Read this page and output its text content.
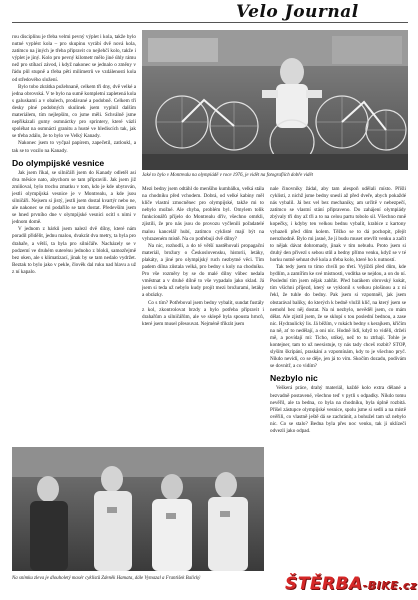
Velo Journal

rou disciplínu je třeba velmi pevný výplet i kola, takže bylo nutné vyplést kola – pro skupinu vyrábí dvě nová kola, zatímco na jiných je třeba připravit co nejlehčí kolo, takže i výplet je jiný. Kolo pro pevný kilometr mělo jiné úhly rámu než pro stíhací závod, i když nakonec se jednalo o změny v řádu půl stupně a třeba pěti milimetrů ve vzdálenosti kola od středového složení.

Bylo tobo zkrátka požehnaně, celkem tři dny, dvě velké a jedna obrovská. V te bylo na sumě kompletní zapletená kola s galuskami a v obalech, prodávané a podobně. Celkem tři desky plné podobných skulinek jsem vyplnil dalším materiálem, tím nejlepším, co jsme měli. Schválně jsme nepřikázali gumy osmnáctky pro sprintery, které vázli spoléhat na osmnácti granitu a husté ve hlediscích tak, jak se třeba zdálo, že to bylo ve Velký Kanady.

Nakonec jsem to vyčpal papírem, zapečetil, zatloukl, a tak se to vozilo na Kanady.

Do olympijské vesnice

Jak jsem říkal, se silničáři jsem do Kanady odletěl asi dva měsíce nato, abychom se tam připravili. Jak jsem již zmiňoval, bylo trochu zmatku v tom, kdo je kde ubytován, jestli olympijská vesnice je v Montrealu, a kde jsou silničáři. Nejsem si jistý, jestli jsem dostal kvartýr nebo ne, ale nakonec se mi podařilo se tam dostat. Především jsem se hned prvního dne v olympijské vesnici ocitl s nimi v jednom domě.

V jednom z hárků jsem nalezl dvě dílny, které nám poradil přidělit, jednu malou, dvakrát dva metry, ta byla pro drahaře, a větší, ta byla pro silničáře. Nacházely se v podzemí ve druhém suterénu jednoho z bloků, samozřejmě bez oken, ale s klimatizací, jinak by se tam nedalo vydržet. Beztak to bylo jako v pekle, člověk dal ruku nad hlavu a už z ní kapalo.

Jaké to bylo v Montrealu na olympiádě v roce 1976, je vidět na fotografiích dobře vidět

Mezi bedny jsem odtáhl do menšího kumbálku, velká stála na chodníku před vchodem. Dobrá, od velké kabiny měl klíče vlastní zmocněnec pro olympijské, takže mi to nebylo možné. Ale chyba, problém byl. Omylem tolik funkcionářů přijelo do Montrealu dřív, všechno omrkli, zjistili, že pro nás jsou do provozu vyčlenili pořadatelé malou kancelář hubí, zatímco cyklisté mají být na vyhrazeném místě. Na co potřebují dvě dílny?

Na nic, rozhodli, a do té větší nastěhovali propagační materiál, brožury o Československu, historii, letáky, plakáty, a jiné pro olympijský ruch nezbytné věci. Tím padem dílna zůstala velká, pro bedny s koly na chodníku. Pro vše rozměry by se do malé dílny vůbec nedala vměstnat a v druhé dílně to vše vypadalo jako sklad. Já jsem si teda už nebylo kudy projít mezi brožurami, letáky a obrázky.

Co s tím? Potřeboval jsem bedny vybalit, sundat fustály z kol, zkontrolovat brzdy a bylo potřeba připravit i drahařům a silničářům, ale ve sklepě byla spousta hrnců, které jsem musel přesouvat. Nejméně třikrát jsem

nale činovníky žádal, aby tam alespoň udělali místo. Přišli cyklisti, z nichž jsme bedny snesli až před dveře, abych pokaždé nás vybalil. Já bez vel bez mechaniky, am určitě v nebezpečí, zatímco se vlastní stání připraveno. Do zahájení olympiády zbývaly tři dny až tři a to na celou partu tobolo sil. Všechno mně kopečky, i kdyby ten velkou bednu vybalit, krabice z kartony vyhazeli před dům kolem. Těžko se to dá pochopit, přejít nerozhodně. Bylo mi jasné, že ji budu muset otevřít venku a začít to nějak dávat dohromady, jinak v tím nebudu. Proto jsem si druhý den přivezl s sebou stůl a bedny přímo venku, když se v té horku nutně sehnat dvě kola a třeba kolo, které ho k nutností.

Tak tedy jsem to tímo chvíli po třetí. Vyjíždí před dům, kde bydlím, a zamířím ke své místnosti, vodítka se nejdou, a on do ní. Poslední tím jsem nějak zahřát. Před barákem obrovský kukát, tím všichni příjezd, který se vyklonil s velkou plošinou a z ní řekl, že tuhle do bedny. Pak jsem si vzpomněl, jak jsem obstarával balíky, do kterých k bedně vložil klíč, na který jsem se nemohl bez něj dostat. Na ni nezbylo, nevěděl jsem, co mám dělat. Ale zjistil jsem, že se sklopí s tou poslední bednou, a zase nic. Hydraulický lis. Já běžím, v rukách bedny s kerajkem, křičím na ně, ať to nedělají, a oni nic. Hodně lidí, když to viděli, drželi mě, a povídají mi: Ticho, utíkej, než to tu ztrhají. Tohle je kontejner, tam to už neexistuje, ty nás tady chceš rozbít? STOP, slyším škrípání, praskání a vzpomínám, kdy to je všechno pryč. Nikdo nevidí, co se děje, jen já to vím. Skočím dozadu, podívám se dovnitř, a co vidím?

Nezbylo nic

Veškerá práce, drahý materiál, každé kolo extra dělané a bezvadně postavené, všechno teď v pytli s odpadky. Nikdo tomu nevěřil, ale ta bedna, co byla na chodníku, byla úplně rozbitá. Přišel zástupce olympijské vesnice, spolu jsme si sedli a na místě ověřili, co vlastně ještě dá se zachránit, a bohužel tam už nebylo nic. Co se stalo? Bedna byla přes noc venku, tak ji uklízeči odvezli jako odpad.

Na snímku zleva je dlouholetý masér cyklistů Zdeněk Hamata, dále Vymazal a František Balický	ŠTĚRBA-BIKE.cz
